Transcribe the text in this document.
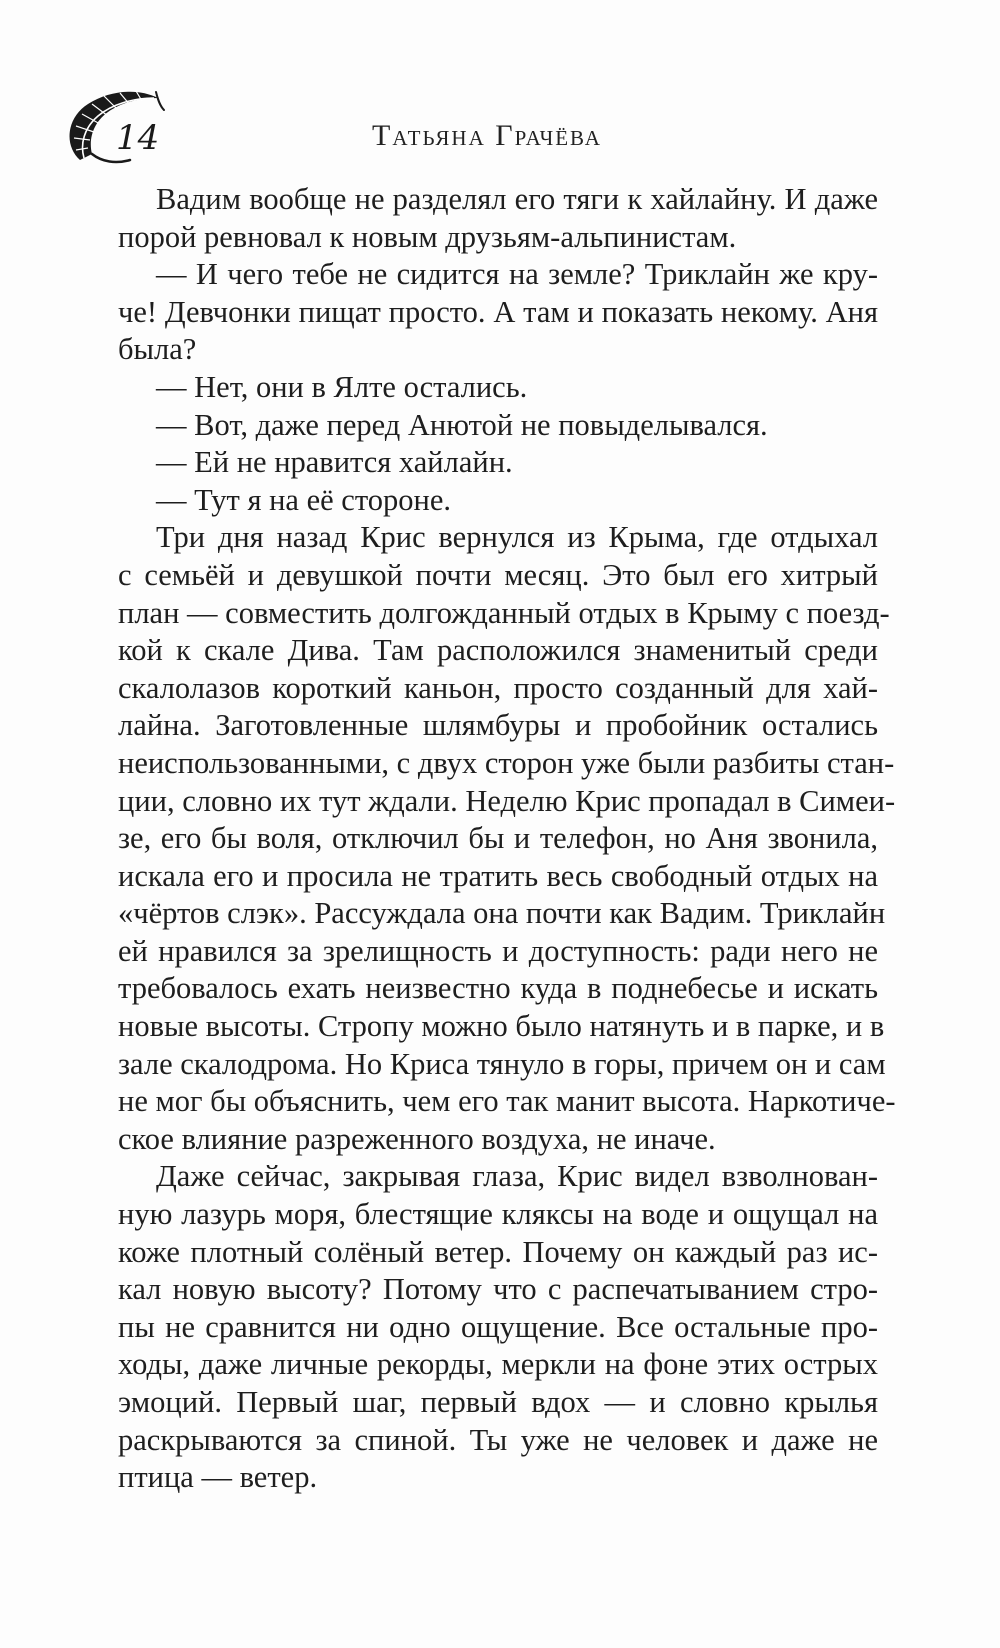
14	Татьяна Грачёва
Вадим вообще не разделял его тяги к хайлайну. И даже
порой ревновал к новым друзьям-альпинистам.
— И чего тебе не сидится на земле? Триклайн же кру-
че! Девчонки пищат просто. А там и показать некому. Аня
была?
— Нет, они в Ялте остались.
— Вот, даже перед Анютой не повыделывался.
— Ей не нравится хайлайн.
— Тут я на её стороне.
Три дня назад Крис вернулся из Крыма, где отдыхал
с семьёй и девушкой почти месяц. Это был его хитрый
план — совместить долгожданный отдых в Крыму с поезд-
кой к скале Дива. Там расположился знаменитый среди
скалолазов короткий каньон, просто созданный для хай-
лайна. Заготовленные шлямбуры и пробойник остались
неиспользованными, с двух сторон уже были разбиты стан-
ции, словно их тут ждали. Неделю Крис пропадал в Симеи-
зе, его бы воля, отключил бы и телефон, но Аня звонила,
искала его и просила не тратить весь свободный отдых на
«чёртов слэк». Рассуждала она почти как Вадим. Триклайн
ей нравился за зрелищность и доступность: ради него не
требовалось ехать неизвестно куда в поднебесье и искать
новые высоты. Стропу можно было натянуть и в парке, и в
зале скалодрома. Но Криса тянуло в горы, причем он и сам
не мог бы объяснить, чем его так манит высота. Наркотиче-
ское влияние разреженного воздуха, не иначе.
Даже сейчас, закрывая глаза, Крис видел взволнован-
ную лазурь моря, блестящие кляксы на воде и ощущал на
коже плотный солёный ветер. Почему он каждый раз ис-
кал новую высоту? Потому что с распечатыванием стро-
пы не сравнится ни одно ощущение. Все остальные про-
ходы, даже личные рекорды, меркли на фоне этих острых
эмоций. Первый шаг, первый вдох — и словно крылья
раскрываются за спиной. Ты уже не человек и даже не
птица — ветер.
